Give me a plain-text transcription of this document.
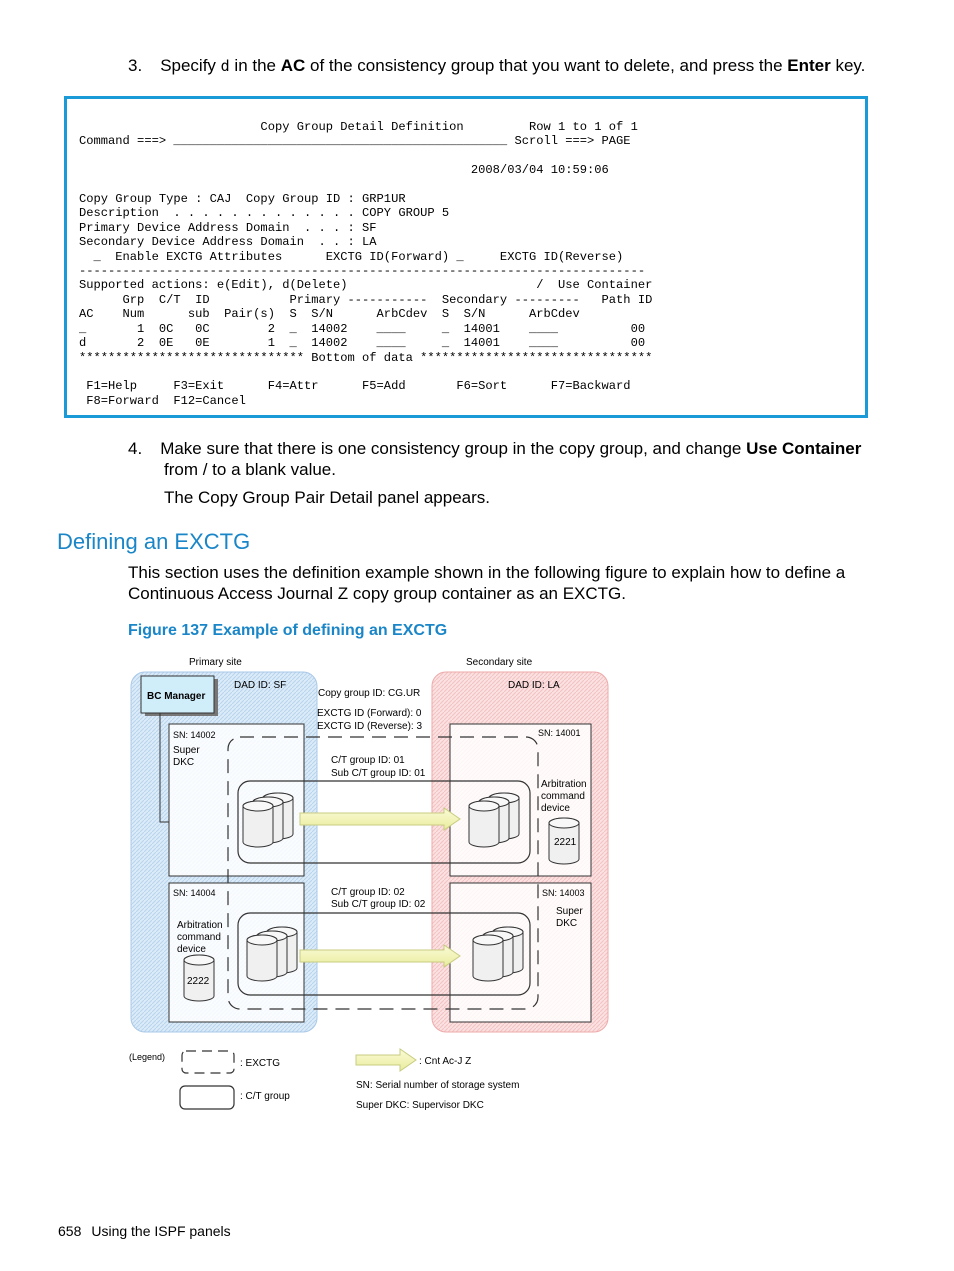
3. Specify d in the AC of the consistency group that you want to delete, and press the Enter key.
Copy Group Detail Definition         Row 1 to 1 of 1
Command ===> ______________________________________________ Scroll ===> PAGE

2008/03/04 10:59:06

Copy Group Type : CAJ  Copy Group ID : GRP1UR
Description  . . . . . . . . . . . . . COPY GROUP 5
Primary Device Address Domain  . . . : SF
Secondary Device Address Domain  . . : LA
_  Enable EXCTG Attributes      EXCTG ID(Forward) _     EXCTG ID(Reverse)
------------------------------------------------------------------------------
Supported actions: e(Edit), d(Delete)                          /  Use Container
Grp  C/T  ID           Primary -----------  Secondary ---------   Path ID
AC    Num      sub  Pair(s)  S  S/N      ArbCdev  S  S/N      ArbCdev
_       1  0C   0C        2  _  14002    ____     _  14001    ____          00
d       2  0E   0E        1  _  14002    ____     _  14001    ____          00
******************************* Bottom of data ********************************

F1=Help     F3=Exit      F4=Attr      F5=Add       F6=Sort      F7=Backward
F8=Forward  F12=Cancel
4. Make sure that there is one consistency group in the copy group, and change Use Container
from / to a blank value.
The Copy Group Pair Detail panel appears.
Defining an EXCTG
This section uses the definition example shown in the following figure to explain how to define a
Continuous Access Journal Z copy group container as an EXCTG.
Figure 137 Example of defining an EXCTG
Primary site	Secondary site
BC Manager
DAD ID: SF	DAD ID: LA
Copy group ID: CG.UR
EXCTG ID (Forward): 0
EXCTG ID (Reverse): 3
SN: 14002
Super
DKC
SN: 14001
Arbitration
command
device
C/T group ID: 01
Sub C/T group ID: 01
SN: 14004
Arbitration
command
device
C/T group ID: 02
Sub C/T group ID: 02
SN: 14003
Super
DKC
2221
2222
(Legend)
: EXCTG
: C/T group
: Cnt Ac-J Z
SN: Serial number of storage system
Super DKC: Supervisor DKC
658 Using the ISPF panels
